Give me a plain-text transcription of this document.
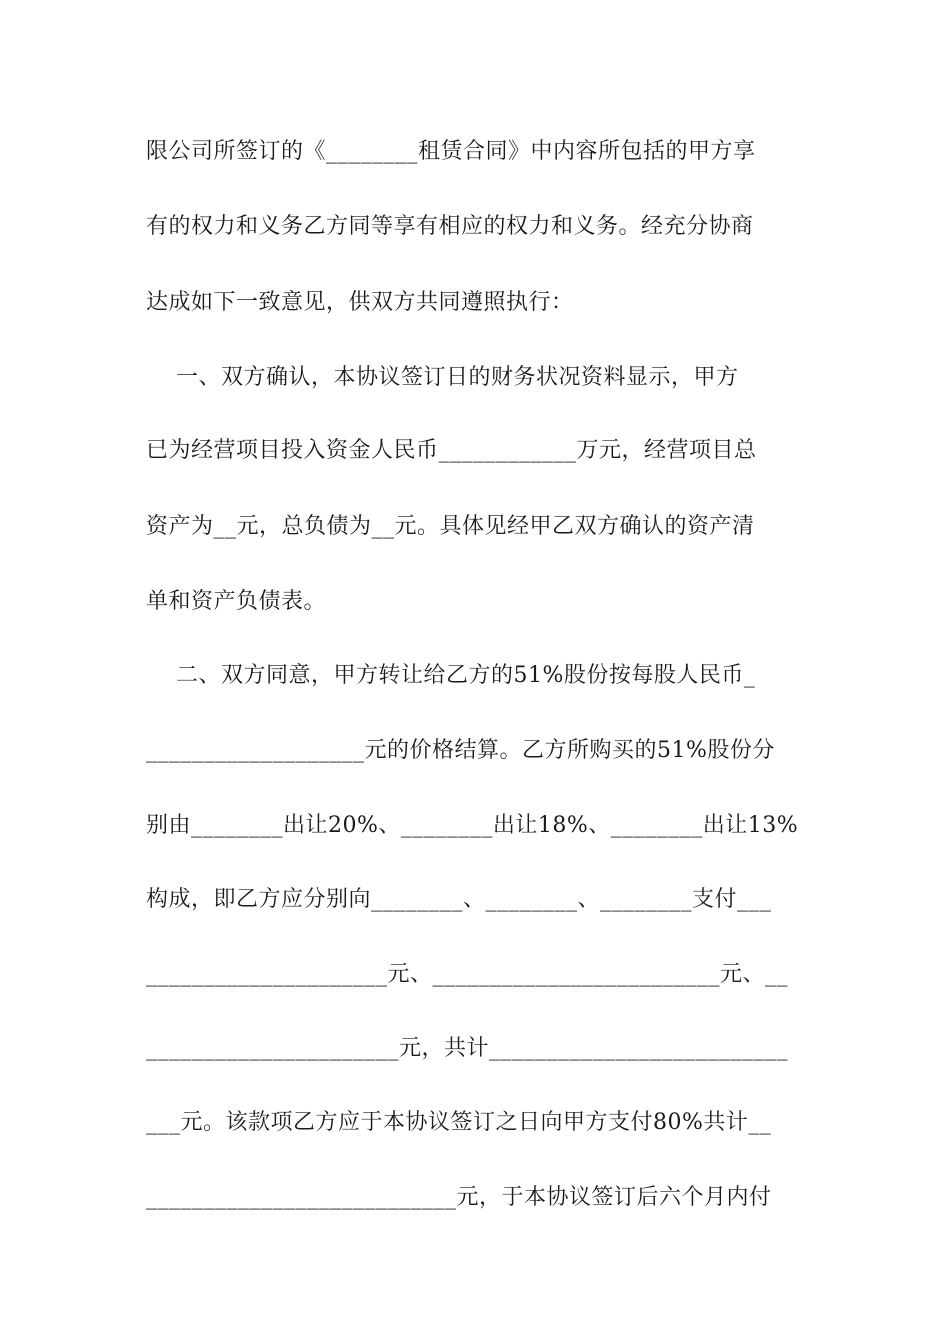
限公司所签订的《________租赁合同》中内容所包括的甲方享
有的权力和义务乙方同等享有相应的权力和义务。经充分协商
达成如下一致意见，供双方共同遵照执行：
一、双方确认，本协议签订日的财务状况资料显示，甲方
已为经营项目投入资金人民币____________万元，经营项目总
资产为__元，总负债为__元。具体见经甲乙双方确认的资产清
单和资产负债表。
二、双方同意，甲方转让给乙方的51%股份按每股人民币_
___________________元的价格结算。乙方所购买的51%股份分
别由________出让20%、________出让18%、________出让13%
构成，即乙方应分别向________、________、________支付___
_____________________元、_________________________元、__
______________________元，共计__________________________
___元。该款项乙方应于本协议签订之日向甲方支付80%共计__
___________________________元，于本协议签订后六个月内付
